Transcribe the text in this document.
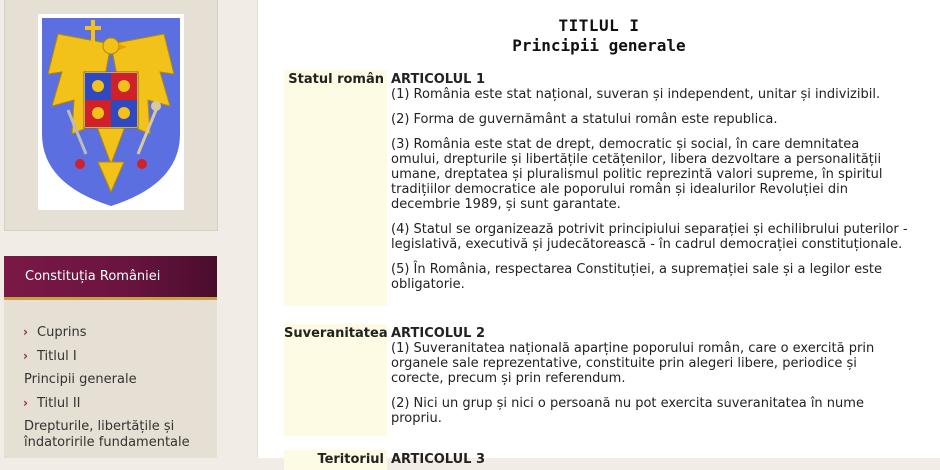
Constituția României
› Cuprins
› Titlul I
Principii generale
› Titlul II
Drepturile, libertățile și îndatoririle fundamentale
TITLUL I
Principii generale
Statul român ARTICOLUL 1

(1) România este stat național, suveran și independent, unitar și indivizibil.

(2) Forma de guvernământ a statului român este republica.

(3) România este stat de drept, democratic și social, în care demnitatea omului, drepturile și libertățile cetățenilor, libera dezvoltare a personalității umane, dreptatea și pluralismul politic reprezintă valori supreme, în spiritul tradițiilor democratice ale poporului român și idealurilor Revoluției din decembrie 1989, și sunt garantate.

(4) Statul se organizează potrivit principiului separației și echilibrului puterilor - legislativă, executivă și judecătorească - în cadrul democrației constituționale.

(5) În România, respectarea Constituției, a supremației sale și a legilor este obligatorie.

Suveranitatea ARTICOLUL 2

(1) Suveranitatea națională aparține poporului român, care o exercită prin organele sale reprezentative, constituite prin alegeri libere, periodice și corecte, precum și prin referendum.

(2) Nici un grup și nici o persoană nu pot exercita suveranitatea în nume propriu.

Teritoriul ARTICOLUL 3
